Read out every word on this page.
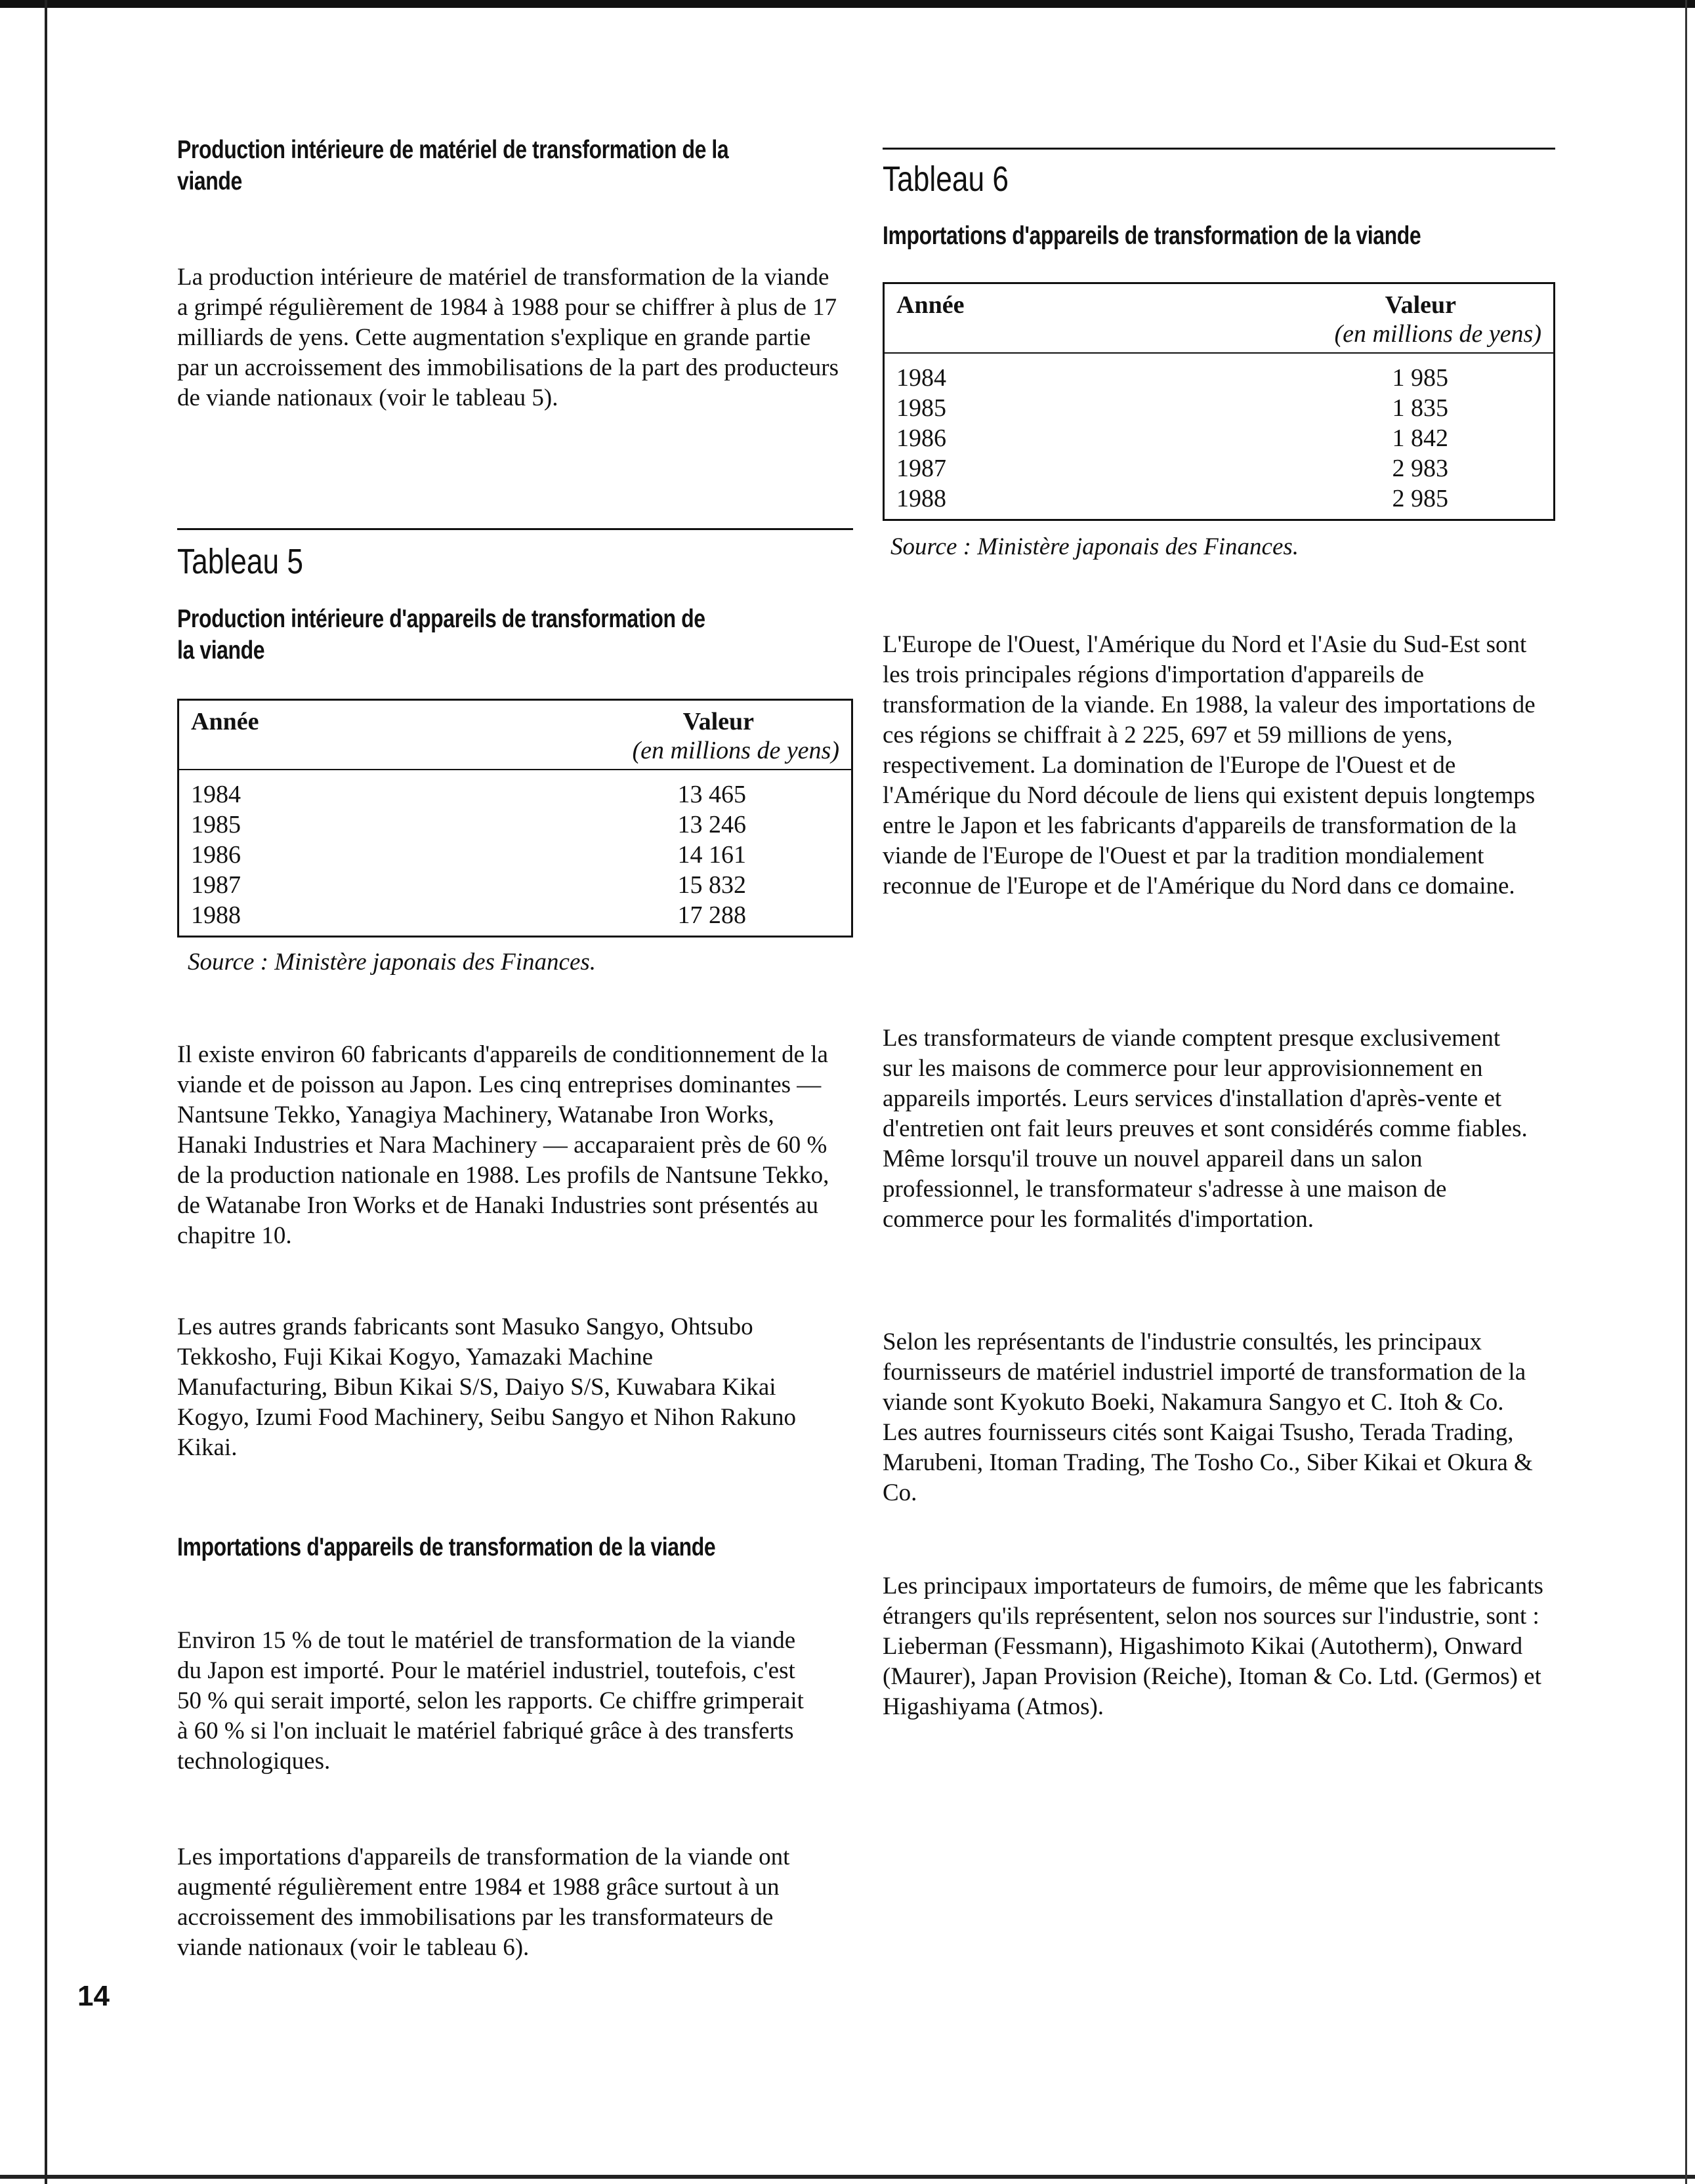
Production intérieure de matériel de transformation de la viande

La production intérieure de matériel de transformation de la viande a grimpé régulièrement de 1984 à 1988 pour se chiffrer à plus de 17 milliards de yens. Cette augmentation s'explique en grande partie par un accroissement des immobilisations de la part des producteurs de viande nationaux (voir le tableau 5).

Tableau 5
Production intérieure d'appareils de transformation de la viande
Année	Valeur
(en millions de yens)

1984	13 465
1985	13 246
1986	14 161
1987	15 832
1988	17 288
Source : Ministère japonais des Finances.

Il existe environ 60 fabricants d'appareils de conditionnement de la viande et de poisson au Japon. Les cinq entreprises dominantes — Nantsune Tekko, Yanagiya Machinery, Watanabe Iron Works, Hanaki Industries et Nara Machinery — accaparaient près de 60 % de la production nationale en 1988. Les profils de Nantsune Tekko, de Watanabe Iron Works et de Hanaki Industries sont présentés au chapitre 10.

Les autres grands fabricants sont Masuko Sangyo, Ohtsubo Tekkosho, Fuji Kikai Kogyo, Yamazaki Machine Manufacturing, Bibun Kikai S/S, Daiyo S/S, Kuwabara Kikai Kogyo, Izumi Food Machinery, Seibu Sangyo et Nihon Rakuno Kikai.

Importations d'appareils de transformation de la viande

Environ 15 % de tout le matériel de transformation de la viande du Japon est importé. Pour le matériel industriel, toutefois, c'est 50 % qui serait importé, selon les rapports. Ce chiffre grimperait à 60 % si l'on incluait le matériel fabriqué grâce à des transferts technologiques.

Les importations d'appareils de transformation de la viande ont augmenté régulièrement entre 1984 et 1988 grâce surtout à un accroissement des immobilisations par les transformateurs de viande nationaux (voir le tableau 6).

Tableau 6
Importations d'appareils de transformation de la viande
Année	Valeur
(en millions de yens)

1984	1 985
1985	1 835
1986	1 842
1987	2 983
1988	2 985
Source : Ministère japonais des Finances.

L'Europe de l'Ouest, l'Amérique du Nord et l'Asie du Sud-Est sont les trois principales régions d'importation d'appareils de transformation de la viande. En 1988, la valeur des importations de ces régions se chiffrait à 2 225, 697 et 59 millions de yens, respectivement. La domination de l'Europe de l'Ouest et de l'Amérique du Nord découle de liens qui existent depuis longtemps entre le Japon et les fabricants d'appareils de transformation de la viande de l'Europe de l'Ouest et par la tradition mondialement reconnue de l'Europe et de l'Amérique du Nord dans ce domaine.

Les transformateurs de viande comptent presque exclusivement sur les maisons de commerce pour leur approvisionnement en appareils importés. Leurs services d'installation d'après-vente et d'entretien ont fait leurs preuves et sont considérés comme fiables. Même lorsqu'il trouve un nouvel appareil dans un salon professionnel, le transformateur s'adresse à une maison de commerce pour les formalités d'importation.

Selon les représentants de l'industrie consultés, les principaux fournisseurs de matériel industriel importé de transformation de la viande sont Kyokuto Boeki, Nakamura Sangyo et C. Itoh & Co. Les autres fournisseurs cités sont Kaigai Tsusho, Terada Trading, Marubeni, Itoman Trading, The Tosho Co., Siber Kikai et Okura & Co.

Les principaux importateurs de fumoirs, de même que les fabricants étrangers qu'ils représentent, selon nos sources sur l'industrie, sont : Lieberman (Fessmann), Higashimoto Kikai (Autotherm), Onward (Maurer), Japan Provision (Reiche), Itoman & Co. Ltd. (Germos) et Higashiyama (Atmos).

14
